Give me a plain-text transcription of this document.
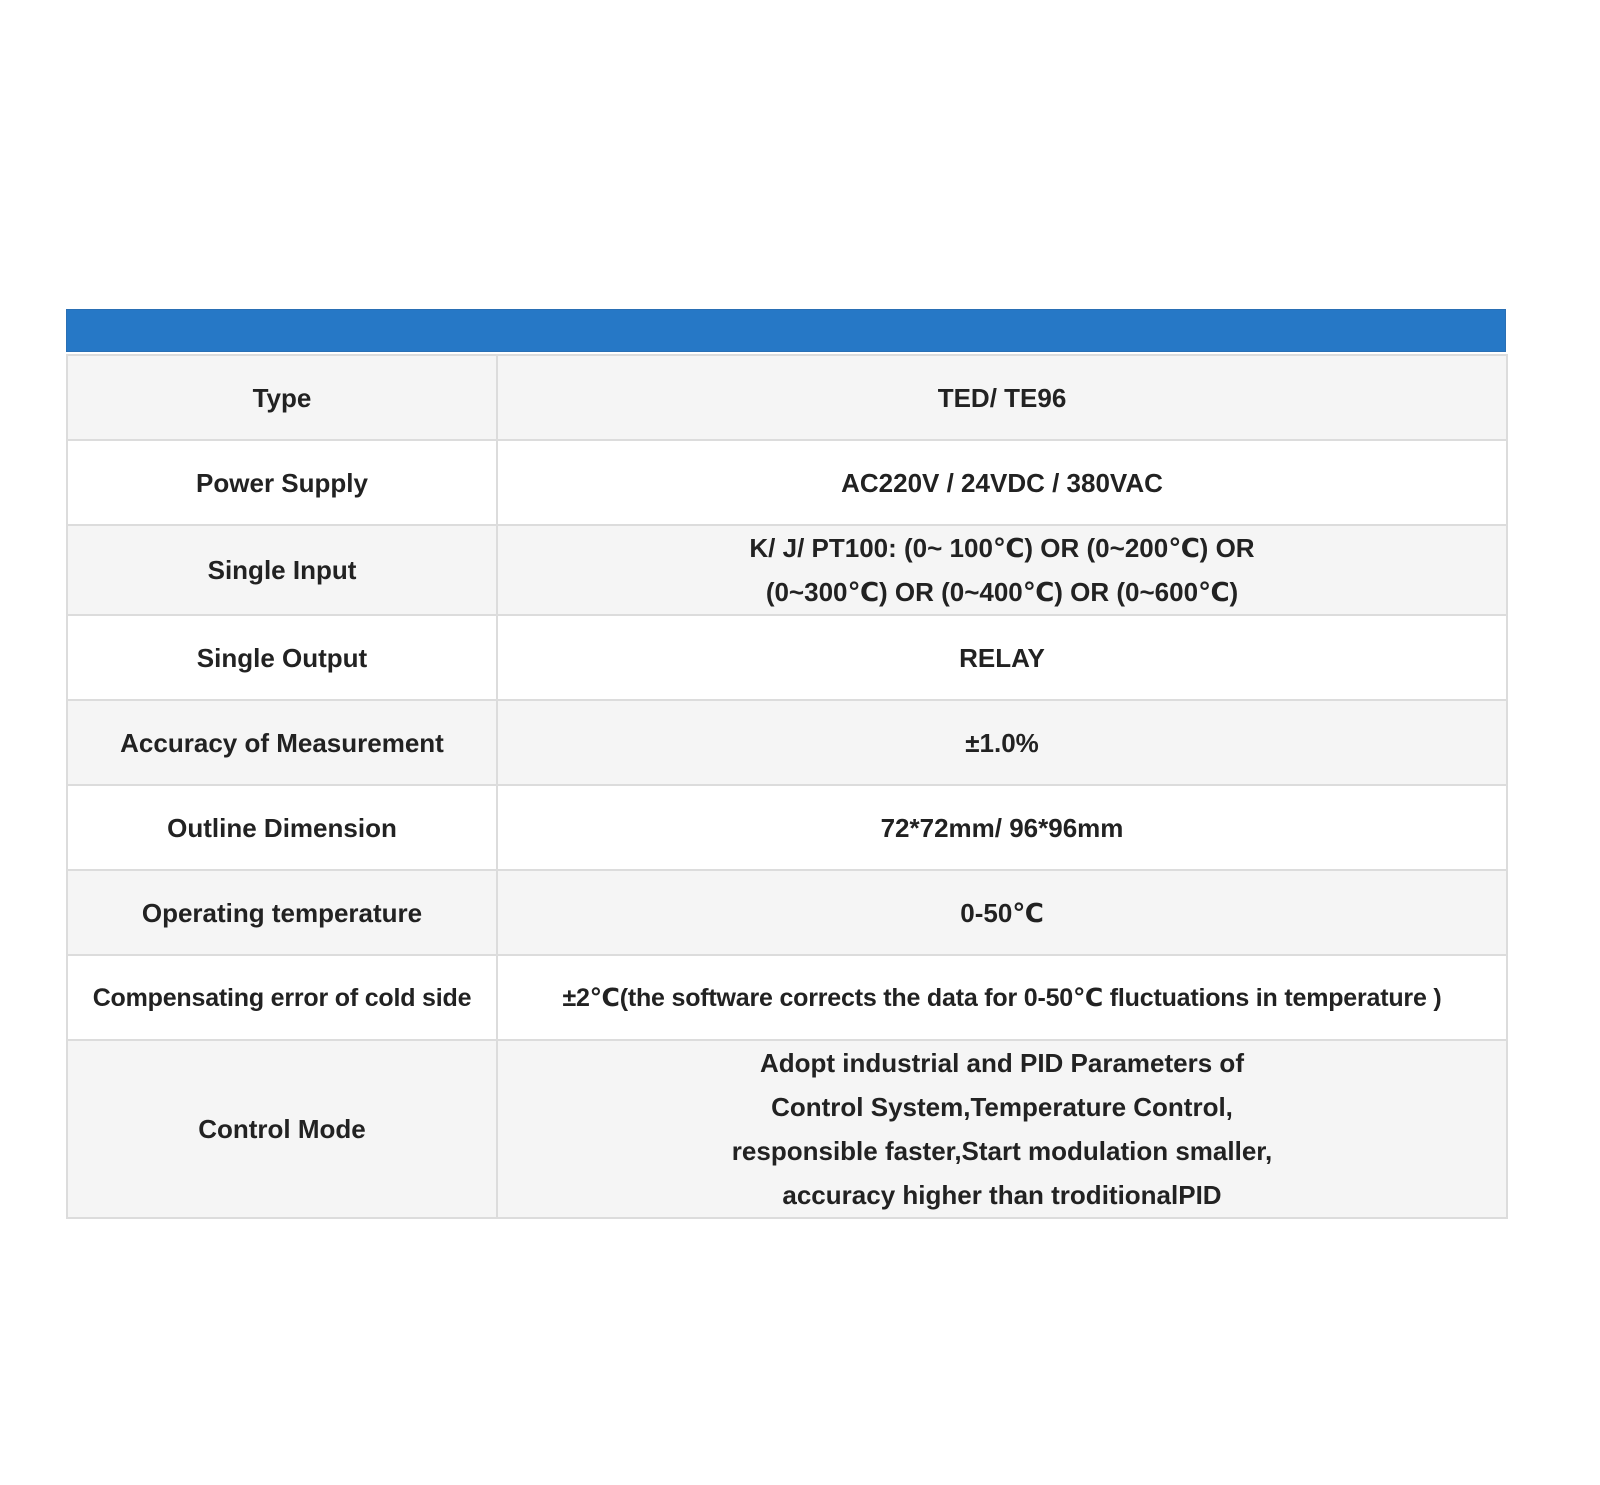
Type	TED/ TE96

Power Supply	AC220V / 24VDC / 380VAC

Single Input	K/ J/ PT100: (0~ 100℃) OR (0~200℃) OR
(0~300℃) OR (0~400℃) OR (0~600℃)

Single Output	RELAY

Accuracy of Measurement	±1.0%

Outline Dimension	72*72mm/ 96*96mm

Operating temperature	0-50℃

Compensating error of cold side	±2℃(the software corrects the data for 0-50℃ fluctuations in temperature )

Control Mode	Adopt industrial and PID Parameters of
Control System,Temperature Control,
responsible faster,Start modulation smaller,
accuracy higher than troditionalPID
